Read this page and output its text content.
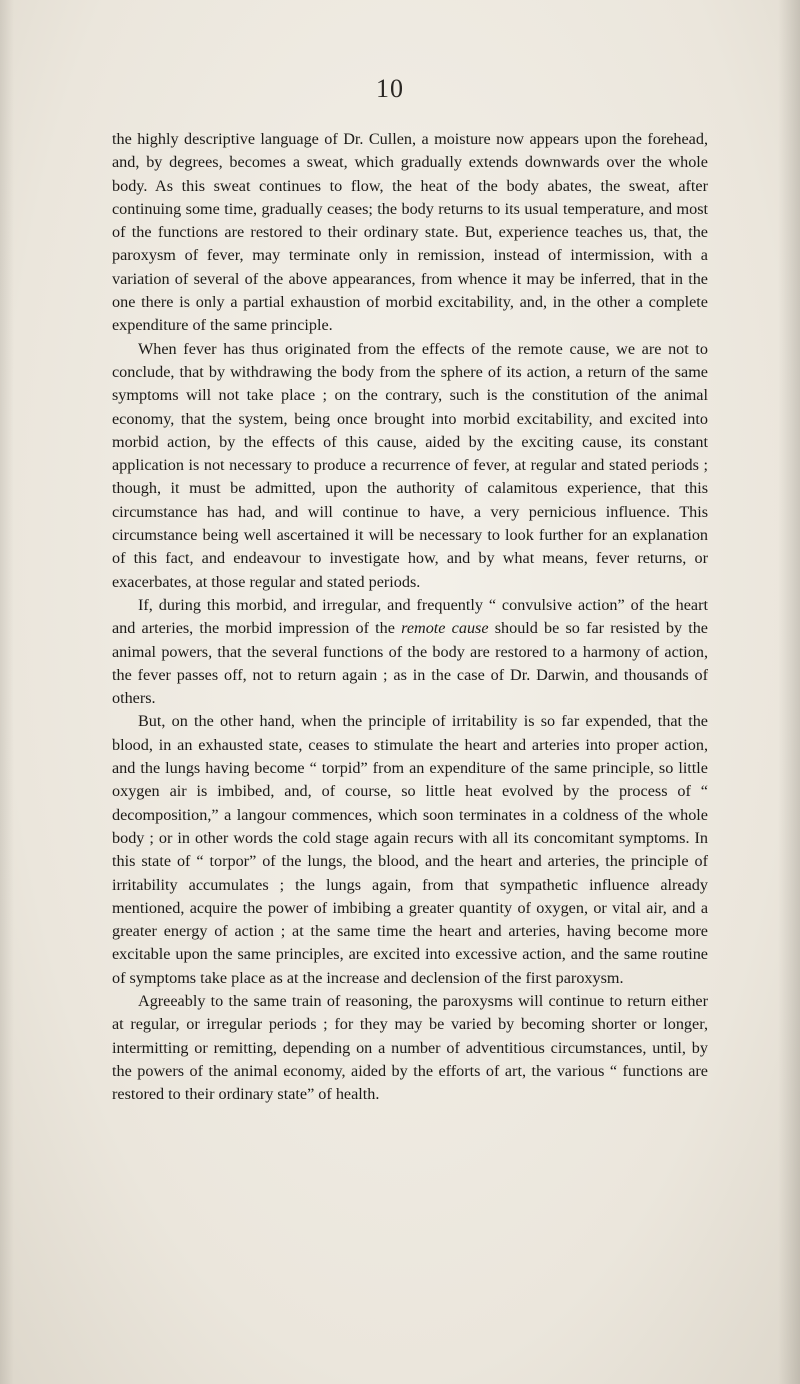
10

the highly descriptive language of Dr. Cullen, a moisture now appears upon the forehead, and, by degrees, becomes a sweat, which gradually extends downwards over the whole body. As this sweat continues to flow, the heat of the body abates, the sweat, after continuing some time, gradually ceases; the body returns to its usual temperature, and most of the functions are restored to their ordinary state. But, experience teaches us, that, the paroxysm of fever, may terminate only in remission, instead of intermission, with a variation of several of the above appearances, from whence it may be inferred, that in the one there is only a partial exhaustion of morbid excitability, and, in the other a complete expenditure of the same principle.

When fever has thus originated from the effects of the remote cause, we are not to conclude, that by withdrawing the body from the sphere of its action, a return of the same symptoms will not take place ; on the contrary, such is the constitution of the animal economy, that the system, being once brought into morbid excitability, and excited into morbid action, by the effects of this cause, aided by the exciting cause, its constant application is not necessary to produce a recurrence of fever, at regular and stated periods ; though, it must be admitted, upon the authority of calamitous experience, that this circumstance has had, and will continue to have, a very pernicious influence. This circumstance being well ascertained it will be necessary to look further for an explanation of this fact, and endeavour to investigate how, and by what means, fever returns, or exacerbates, at those regular and stated periods.

If, during this morbid, and irregular, and frequently “ convulsive action” of the heart and arteries, the morbid impression of the remote cause should be so far resisted by the animal powers, that the several functions of the body are restored to a harmony of action, the fever passes off, not to return again ; as in the case of Dr. Darwin, and thousands of others.

But, on the other hand, when the principle of irritability is so far expended, that the blood, in an exhausted state, ceases to stimulate the heart and arteries into proper action, and the lungs having become “ torpid” from an expenditure of the same principle, so little oxygen air is imbibed, and, of course, so little heat evolved by the process of “ decomposition,” a langour commences, which soon terminates in a coldness of the whole body ; or in other words the cold stage again recurs with all its concomitant symptoms. In this state of “ torpor” of the lungs, the blood, and the heart and arteries, the principle of irritability accumulates ; the lungs again, from that sympathetic influence already mentioned, acquire the power of imbibing a greater quantity of oxygen, or vital air, and a greater energy of action ; at the same time the heart and arteries, having become more excitable upon the same principles, are excited into excessive action, and the same routine of symptoms take place as at the increase and declension of the first paroxysm.

Agreeably to the same train of reasoning, the paroxysms will continue to return either at regular, or irregular periods ; for they may be varied by becoming shorter or longer, intermitting or remitting, depending on a number of adventitious circumstances, until, by the powers of the animal economy, aided by the efforts of art, the various “ functions are restored to their ordinary state” of health.
